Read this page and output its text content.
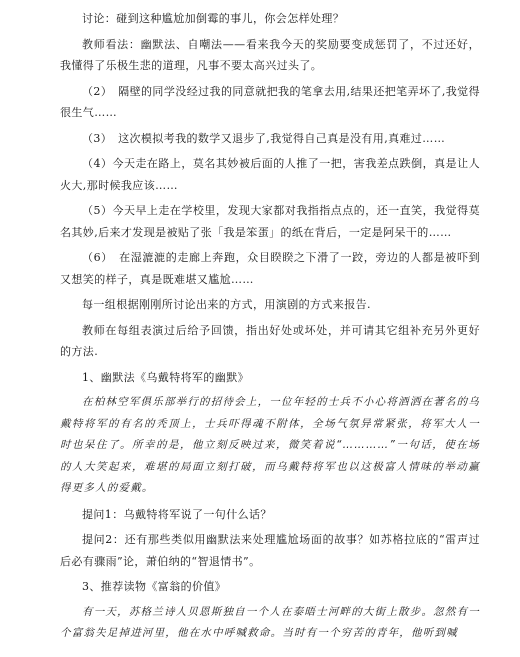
讨论：碰到这种尴尬加倒霉的事儿，你会怎样处理？

教师看法：幽默法、自嘲法——看来我今天的奖励要变成惩罚了，不过还好，我懂得了乐极生悲的道理，凡事不要太高兴过头了。

（2）　隔壁的同学没经过我的同意就把我的笔拿去用,结果还把笔弄坏了,我觉得很生气……

（3）　这次模拟考我的数学又退步了,我觉得自己真是没有用,真难过……

（4）今天走在路上，莫名其妙被后面的人推了一把，害我差点跌倒，真是让人火大,那时候我应该……

（5）今天早上走在学校里，发现大家都对我指指点点的，还一直笑，我觉得莫名其妙,后来才发现是被贴了张「我是笨蛋」的纸在背后，一定是阿呆干的……

（6）　在湿漉漉的走廊上奔跑，众目睽睽之下滑了一跤，旁边的人都是被吓到又想笑的样子，真是既难堪又尴尬……

每一组根据刚刚所讨论出来的方式，用演剧的方式来报告.

教师在每组表演过后给予回馈，指出好处或坏处，并可请其它组补充另外更好的方法.

1、幽默法《乌戴特将军的幽默》

在柏林空军俱乐部举行的招待会上，一位年轻的士兵不小心将酒洒在著名的乌戴特将军的有名的秃顶上，士兵吓得魂不附体，全场气氛异常紧张，将军大人一时也呆住了。所幸的是，他立刻反映过来，微笑着说“…………”一句话，使在场的人大笑起来，难堪的局面立刻打破，而乌戴特将军也以这极富人情味的举动赢得更多人的爱戴。

提问1：乌戴特将军说了一句什么话？

提问2：还有那些类似用幽默法来处理尴尬场面的故事？如苏格拉底的“雷声过后必有骤雨”论，萧伯纳的“智退情书”。

3、推荐读物《富翁的价值》

有一天，苏格兰诗人贝恩斯独自一个人在泰晤士河畔的大街上散步。忽然有一个富翁失足掉进河里，他在水中呼喊救命。当时有一个穷苦的青年，他听到喊
